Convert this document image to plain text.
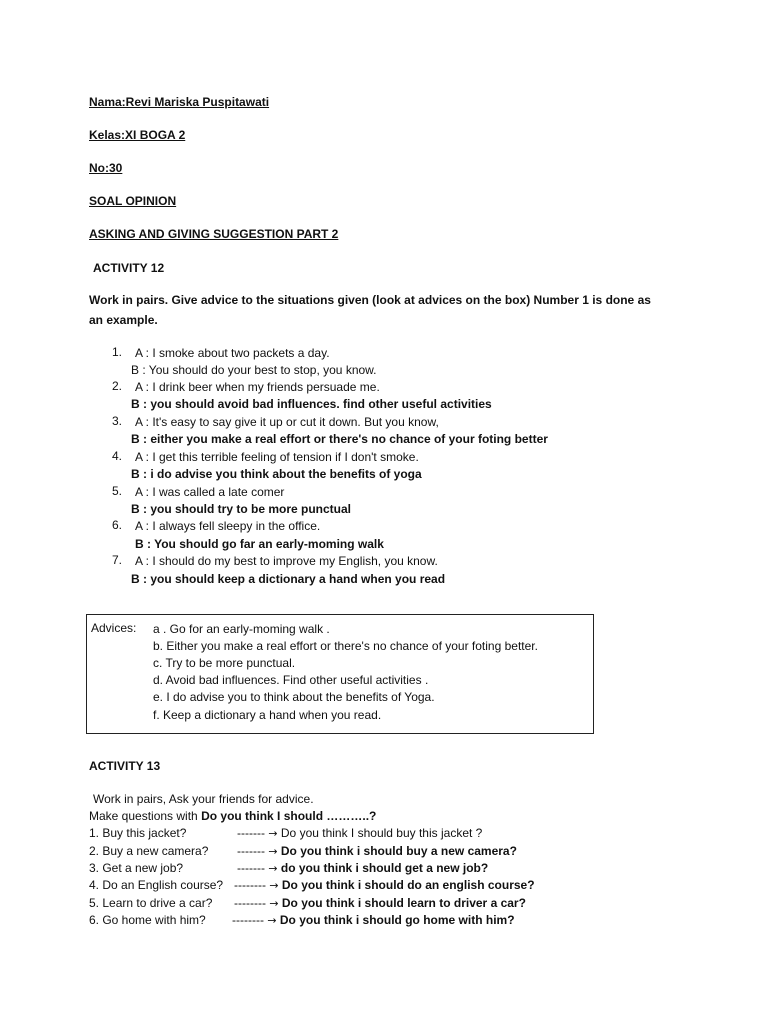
Nama:Revi Mariska Puspitawati
Kelas:XI BOGA 2
No:30
SOAL OPINION
ASKING AND GIVING SUGGESTION PART 2
ACTIVITY 12
Work in pairs. Give advice to the situations given (look at advices on the box) Number 1 is done as
an example.
1. A : I smoke about two packets a day.
B : You should do your best to stop, you know.
2. A : I drink beer when my friends persuade me.
B : you should avoid bad influences. find other useful activities
3. A : It's easy to say give it up or cut it down. But you know,
B : either you make a real effort or there's no chance of your foting better
4. A : I get this terrible feeling of tension if I don't smoke.
B : i do advise you think about the benefits of yoga
5. A : I was called a late comer
B : you should try to be more punctual
6. A : I always fell sleepy in the office.
B : You should go far an early-moming walk
7. A : I should do my best to improve my English, you know.
B : you should keep a dictionary a hand when you read
Advices: a . Go for an early-moming walk .
b. Either you make a real effort or there's no chance of your foting better.
c. Try to be more punctual.
d. Avoid bad influences. Find other useful activities .
e. I do advise you to think about the benefits of Yoga.
f. Keep a dictionary a hand when you read.
ACTIVITY 13
Work in pairs, Ask your friends for advice.
Make questions with Do you think I should ………..?
1. Buy this jacket?	------- → Do you think I should buy this jacket ?
2. Buy a new camera? ------- → Do you think i should buy a new camera?
3. Get a new job?	------- → do you think i should get a new job?
4. Do an English course? -------- → Do you think i should do an english course?
5. Learn to drive a car? -------- → Do you think i should learn to driver a car?
6. Go home with him? -------- → Do you think i should go home with him?
